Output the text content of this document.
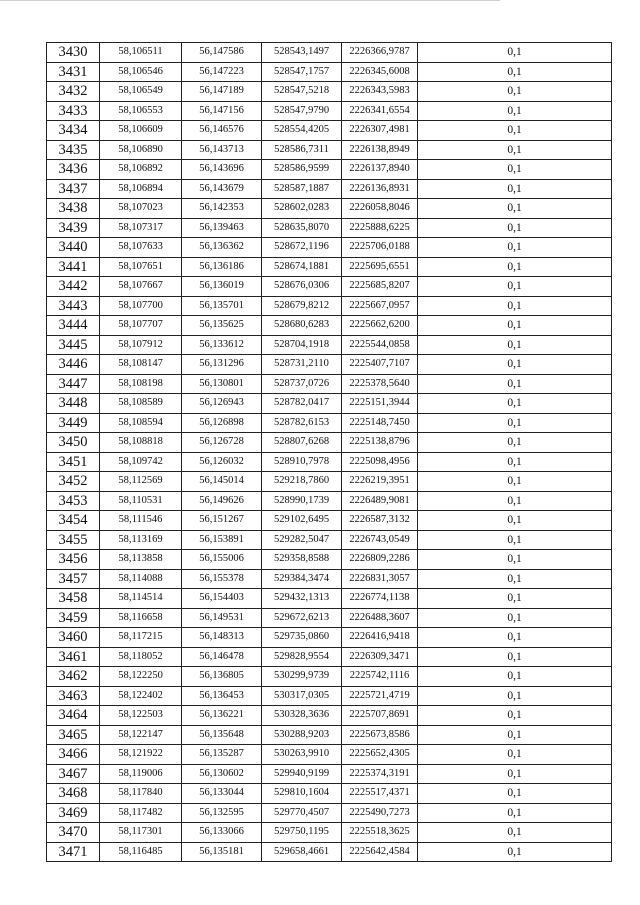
3430	58,106511	56,147586	528543,1497	2226366,9787	0,1
3431	58,106546	56,147223	528547,1757	2226345,6008	0,1
3432	58,106549	56,147189	528547,5218	2226343,5983	0,1
3433	58,106553	56,147156	528547,9790	2226341,6554	0,1
3434	58,106609	56,146576	528554,4205	2226307,4981	0,1
3435	58,106890	56,143713	528586,7311	2226138,8949	0,1
3436	58,106892	56,143696	528586,9599	2226137,8940	0,1
3437	58,106894	56,143679	528587,1887	2226136,8931	0,1
3438	58,107023	56,142353	528602,0283	2226058,8046	0,1
3439	58,107317	56,139463	528635,8070	2225888,6225	0,1
3440	58,107633	56,136362	528672,1196	2225706,0188	0,1
3441	58,107651	56,136186	528674,1881	2225695,6551	0,1
3442	58,107667	56,136019	528676,0306	2225685,8207	0,1
3443	58,107700	56,135701	528679,8212	2225667,0957	0,1
3444	58,107707	56,135625	528680,6283	2225662,6200	0,1
3445	58,107912	56,133612	528704,1918	2225544,0858	0,1
3446	58,108147	56,131296	528731,2110	2225407,7107	0,1
3447	58,108198	56,130801	528737,0726	2225378,5640	0,1
3448	58,108589	56,126943	528782,0417	2225151,3944	0,1
3449	58,108594	56,126898	528782,6153	2225148,7450	0,1
3450	58,108818	56,126728	528807,6268	2225138,8796	0,1
3451	58,109742	56,126032	528910,7978	2225098,4956	0,1
3452	58,112569	56,145014	529218,7860	2226219,3951	0,1
3453	58,110531	56,149626	528990,1739	2226489,9081	0,1
3454	58,111546	56,151267	529102,6495	2226587,3132	0,1
3455	58,113169	56,153891	529282,5047	2226743,0549	0,1
3456	58,113858	56,155006	529358,8588	2226809,2286	0,1
3457	58,114088	56,155378	529384,3474	2226831,3057	0,1
3458	58,114514	56,154403	529432,1313	2226774,1138	0,1
3459	58,116658	56,149531	529672,6213	2226488,3607	0,1
3460	58,117215	56,148313	529735,0860	2226416,9418	0,1
3461	58,118052	56,146478	529828,9554	2226309,3471	0,1
3462	58,122250	56,136805	530299,9739	2225742,1116	0,1
3463	58,122402	56,136453	530317,0305	2225721,4719	0,1
3464	58,122503	56,136221	530328,3636	2225707,8691	0,1
3465	58,122147	56,135648	530288,9203	2225673,8586	0,1
3466	58,121922	56,135287	530263,9910	2225652,4305	0,1
3467	58,119006	56,130602	529940,9199	2225374,3191	0,1
3468	58,117840	56,133044	529810,1604	2225517,4371	0,1
3469	58,117482	56,132595	529770,4507	2225490,7273	0,1
3470	58,117301	56,133066	529750,1195	2225518,3625	0,1
3471	58,116485	56,135181	529658,4661	2225642,4584	0,1
